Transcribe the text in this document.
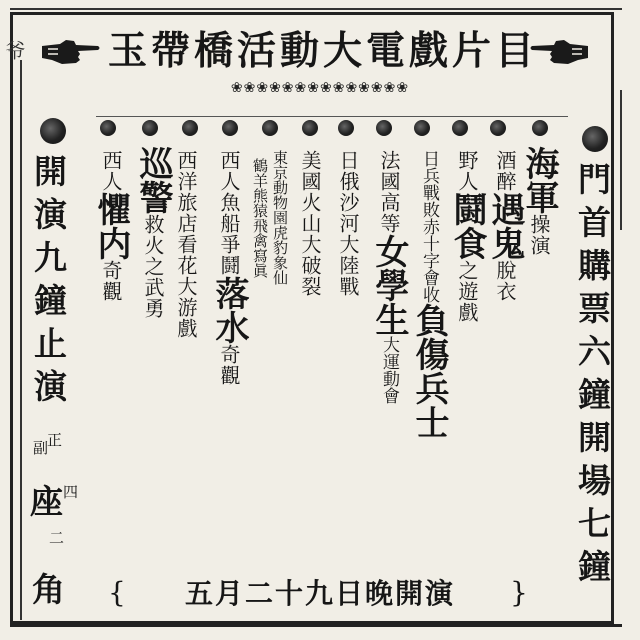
玉帶橋活動大電戲片目
❀❀❀❀❀❀❀❀❀❀❀❀❀❀
門首購票六鐘開場七鐘
海軍操演
酒醉遇鬼脫衣
野人鬪食之遊戲
日兵戰敗赤十字會收負傷兵士
法國高等女學生大運動會
日俄沙河大陸戰
美國火山大破裂
東京動物園虎豹象仙
鶴羊熊猿飛禽寫眞
西人魚船爭鬪落水奇觀
西洋旅店看花大游戲
巡警救火之武勇
西人懼内奇觀
開演九鐘止演
正
副
座
四
二
角 {	五月二十九日晚開演	}
爷
